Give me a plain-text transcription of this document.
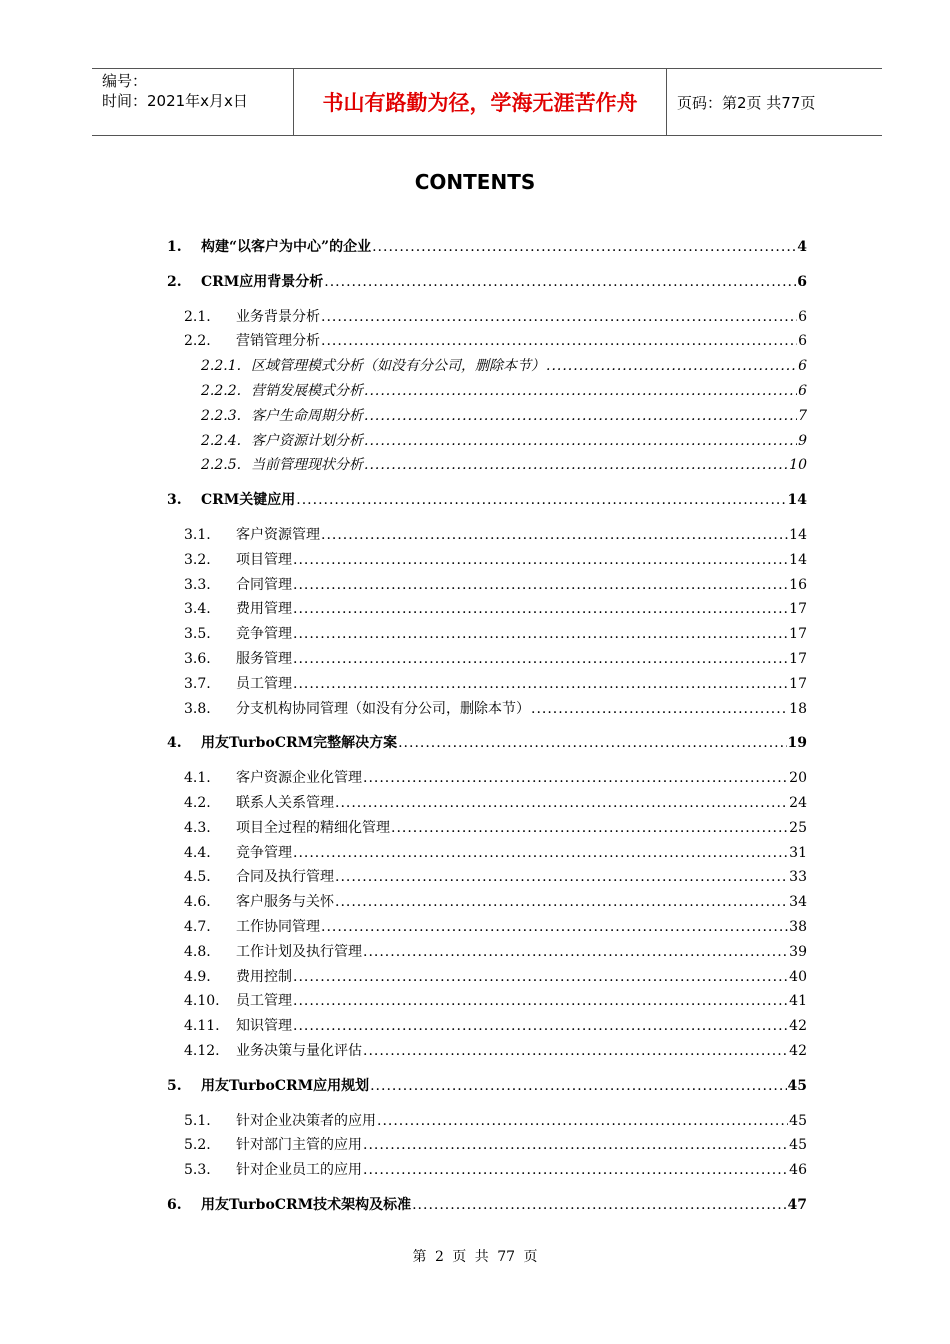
编号：
时间：2021年x月x日	书山有路勤为径，学海无涯苦作舟	页码：第2页 共77页
CONTENTS
1.	构建“以客户为中心”的企业 .....	4
2.	CRM应用背景分析 .....	6
2.1.	业务背景分析 .....	6
2.2.	营销管理分析 .....	6
2.2.1. 区域管理模式分析（如没有分公司，删除本节） .....	6
2.2.2. 营销发展模式分析 .....	6
2.2.3. 客户生命周期分析 .....	7
2.2.4. 客户资源计划分析 .....	9
2.2.5. 当前管理现状分析 .....	10
3.	CRM关键应用 .....	14
3.1.	客户资源管理 .....	14
3.2.	项目管理 .....	14
3.3.	合同管理 .....	16
3.4.	费用管理 .....	17
3.5.	竞争管理 .....	17
3.6.	服务管理 .....	17
3.7.	员工管理 .....	17
3.8.	分支机构协同管理（如没有分公司，删除本节） .....	18
4.	用友TurboCRM完整解决方案 .....	19
4.1.	客户资源企业化管理 .....	20
4.2.	联系人关系管理 .....	24
4.3.	项目全过程的精细化管理 .....	25
4.4.	竞争管理 .....	31
4.5.	合同及执行管理 .....	33
4.6.	客户服务与关怀 .....	34
4.7.	工作协同管理 .....	38
4.8.	工作计划及执行管理 .....	39
4.9.	费用控制 .....	40
4.10.	员工管理 .....	41
4.11.	知识管理 .....	42
4.12.	业务决策与量化评估 .....	42
5.	用友TurboCRM应用规划 .....	45
5.1.	针对企业决策者的应用 .....	45
5.2.	针对部门主管的应用 .....	45
5.3.	针对企业员工的应用 .....	46
6.	用友TurboCRM技术架构及标准 .....	47
第 2 页 共 77 页
